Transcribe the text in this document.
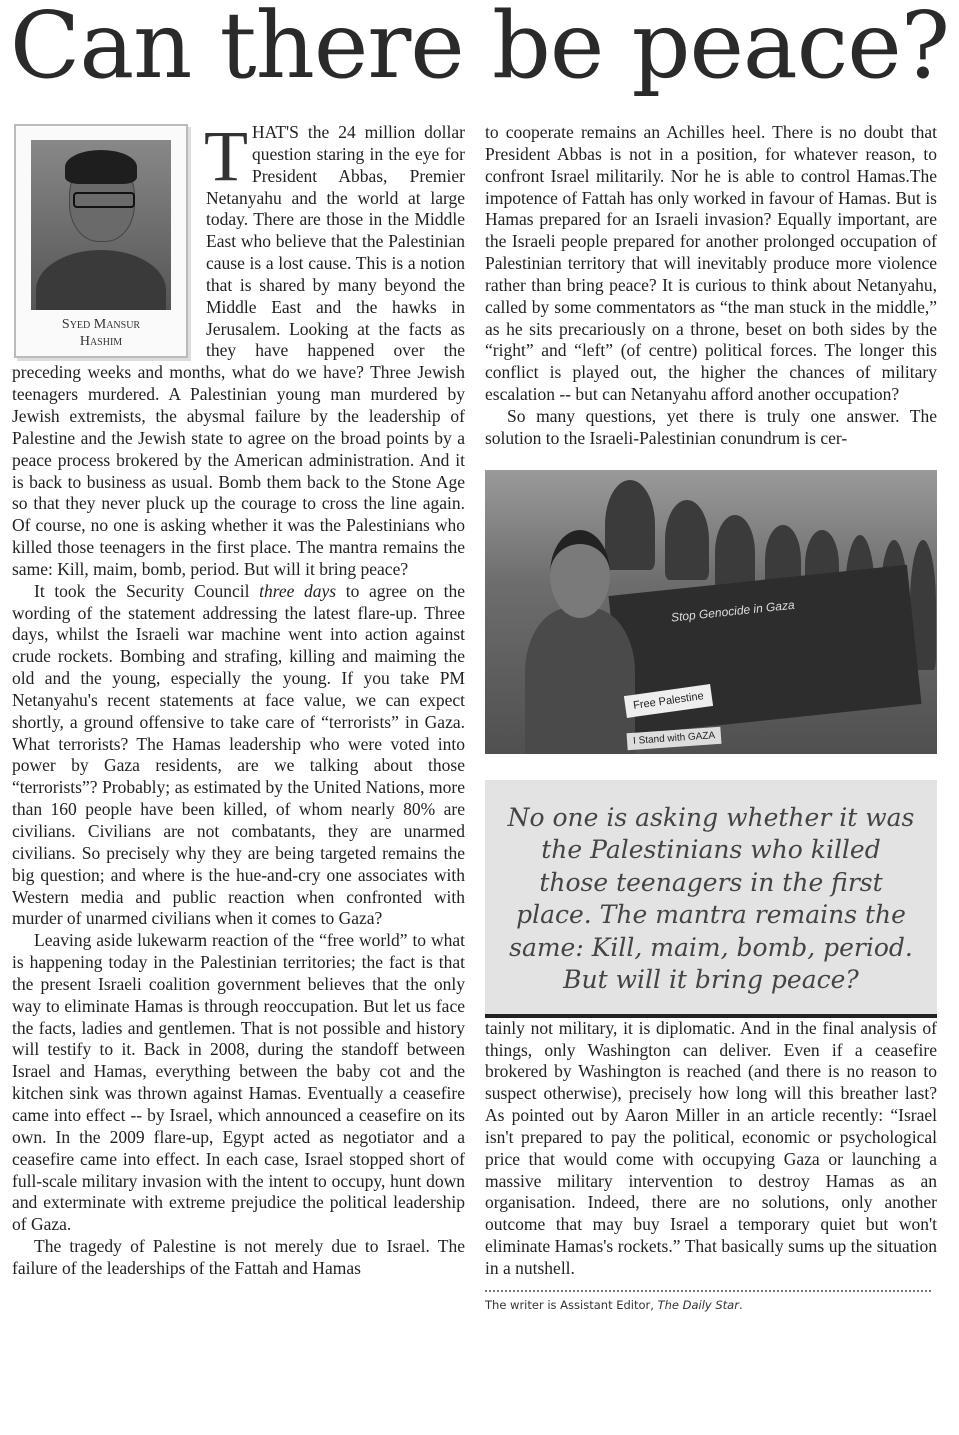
Can there be peace?
Syed Mansur
Hashim

THAT'S the 24 million dollar question staring in the eye for President Abbas, Premier Netanyahu and the world at large today. There are those in the Middle East who believe that the Palestinian cause is a lost cause. This is a notion that is shared by many beyond the Middle East and the hawks in Jerusalem. Looking at the facts as they have happened over the preceding weeks and months, what do we have? Three Jewish teenagers murdered. A Palestinian young man murdered by Jewish extremists, the abysmal failure by the leadership of Palestine and the Jewish state to agree on the broad points by a peace process brokered by the American administration. And it is back to business as usual. Bomb them back to the Stone Age so that they never pluck up the courage to cross the line again. Of course, no one is asking whether it was the Palestinians who killed those teenagers in the first place. The mantra remains the same: Kill, maim, bomb, period. But will it bring peace?

It took the Security Council three days to agree on the wording of the statement addressing the latest flare-up. Three days, whilst the Israeli war machine went into action against crude rockets. Bombing and strafing, killing and maiming the old and the young, especially the young. If you take PM Netanyahu's recent statements at face value, we can expect shortly, a ground offensive to take care of “terrorists” in Gaza. What terrorists? The Hamas leadership who were voted into power by Gaza residents, are we talking about those “terrorists”? Probably; as estimated by the United Nations, more than 160 people have been killed, of whom nearly 80% are civilians. Civilians are not combatants, they are unarmed civilians. So precisely why they are being targeted remains the big question; and where is the hue-and-cry one associates with Western media and public reaction when confronted with murder of unarmed civilians when it comes to Gaza?

Leaving aside lukewarm reaction of the “free world” to what is happening today in the Palestinian territories; the fact is that the present Israeli coalition government believes that the only way to eliminate Hamas is through reoccupation. But let us face the facts, ladies and gentlemen. That is not possible and history will testify to it. Back in 2008, during the standoff between Israel and Hamas, everything between the baby cot and the kitchen sink was thrown against Hamas. Eventually a ceasefire came into effect -- by Israel, which announced a ceasefire on its own. In the 2009 flare-up, Egypt acted as negotiator and a ceasefire came into effect. In each case, Israel stopped short of full-scale military invasion with the intent to occupy, hunt down and exterminate with extreme prejudice the political leadership of Gaza.

The tragedy of Palestine is not merely due to Israel. The failure of the leaderships of the Fattah and Hamas

to cooperate remains an Achilles heel. There is no doubt that President Abbas is not in a position, for whatever reason, to confront Israel militarily. Nor he is able to control Hamas.The impotence of Fattah has only worked in favour of Hamas. But is Hamas prepared for an Israeli invasion? Equally important, are the Israeli people prepared for another prolonged occupation of Palestinian territory that will inevitably produce more violence rather than bring peace? It is curious to think about Netanyahu, called by some commentators as “the man stuck in the middle,” as he sits precariously on a throne, beset on both sides by the “right” and “left” (of centre) political forces. The longer this conflict is played out, the higher the chances of military escalation -- but can Netanyahu afford another occupation?

So many questions, yet there is truly one answer. The solution to the Israeli-Palestinian conundrum is cer-

Stop Genocide in Gaza
Free Palestine
I Stand with GAZA
No one is asking whether it was the Palestinians who killed those teenagers in the first place. The mantra remains the same: Kill, maim, bomb, period. But will it bring peace?

tainly not military, it is diplomatic. And in the final analysis of things, only Washington can deliver. Even if a ceasefire brokered by Washington is reached (and there is no reason to suspect otherwise), precisely how long will this breather last? As pointed out by Aaron Miller in an article recently: “Israel isn't prepared to pay the political, economic or psychological price that would come with occupying Gaza or launching a massive military intervention to destroy Hamas as an organisation. Indeed, there are no solutions, only another outcome that may buy Israel a temporary quiet but won't eliminate Hamas's rockets.” That basically sums up the situation in a nutshell.

The writer is Assistant Editor, The Daily Star.
